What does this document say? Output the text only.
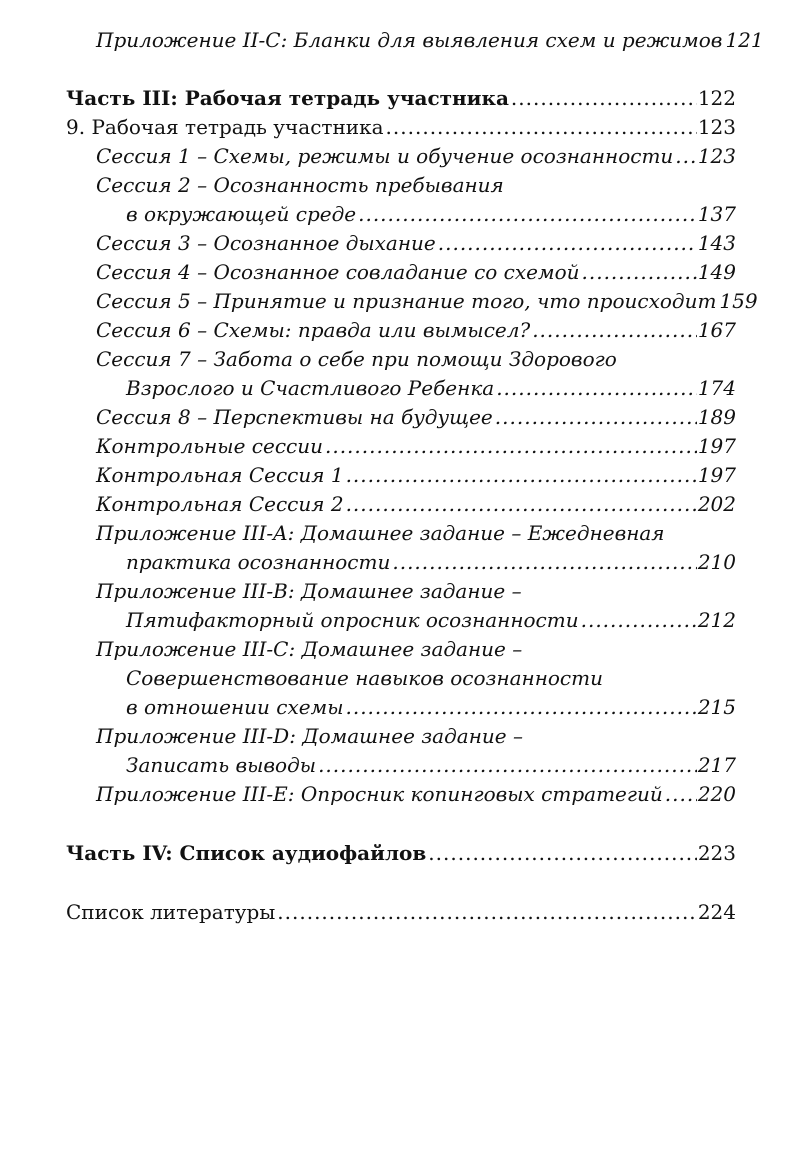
Приложение II-C: Бланки для выявления схем и режимов 121
Часть III: Рабочая тетрадь участника .....	122
9. Рабочая тетрадь участника .....	123
Сессия 1 – Схемы, режимы и обучение осознанности ..... 123
Сессия 2 – Осознанность пребывания
в окружающей среде .....	137
Сессия 3 – Осознанное дыхание .....	143
Сессия 4 – Осознанное совладание со схемой .....	149
Сессия 5 – Принятие и признание того, что происходит 159
Сессия 6 – Схемы: правда или вымысел? .....	167
Сессия 7 – Забота о себе при помощи Здорового
Взрослого и Счастливого Ребенка .....	174
Сессия 8 – Перспективы на будущее .....	189
Контрольные сессии .....	197
Контрольная Сессия 1 .....	197
Контрольная Сессия 2 .....	202
Приложение III-A: Домашнее задание – Ежедневная
практика осознанности .....	210
Приложение III-B: Домашнее задание –
Пятифакторный опросник осознанности .....	212
Приложение III-C: Домашнее задание –
Совершенствование навыков осознанности
в отношении схемы .....	215
Приложение III-D: Домашнее задание –
Записать выводы .....	217
Приложение III-E: Опросник копинговых стратегий ..... 220
Часть IV: Список аудиофайлов .....	223
Список литературы .....	224
